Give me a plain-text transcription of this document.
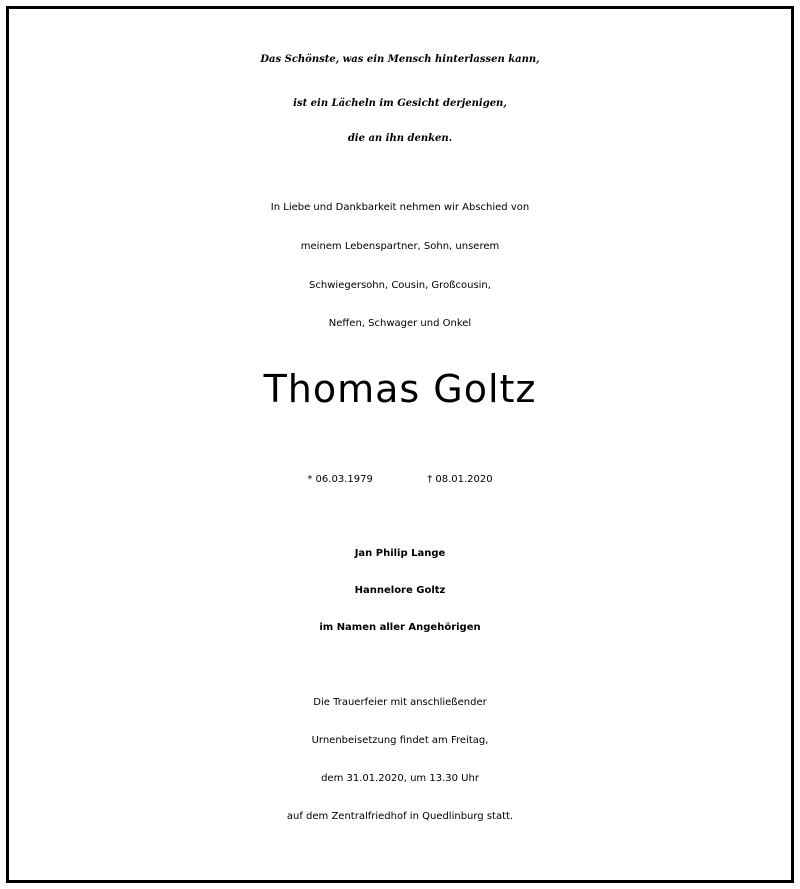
Das Schönste, was ein Mensch hinterlassen kann,
ist ein Lächeln im Gesicht derjenigen,
die an ihn denken.
In Liebe und Dankbarkeit nehmen wir Abschied von
meinem Lebenspartner, Sohn, unserem
Schwiegersohn, Cousin, Großcousin,
Neffen, Schwager und Onkel
Thomas Goltz
* 06.03.1979	† 08.01.2020
Jan Philip Lange
Hannelore Goltz
im Namen aller Angehörigen
Die Trauerfeier mit anschließender
Urnenbeisetzung findet am Freitag,
dem 31.01.2020, um 13.30 Uhr
auf dem Zentralfriedhof in Quedlinburg statt.
